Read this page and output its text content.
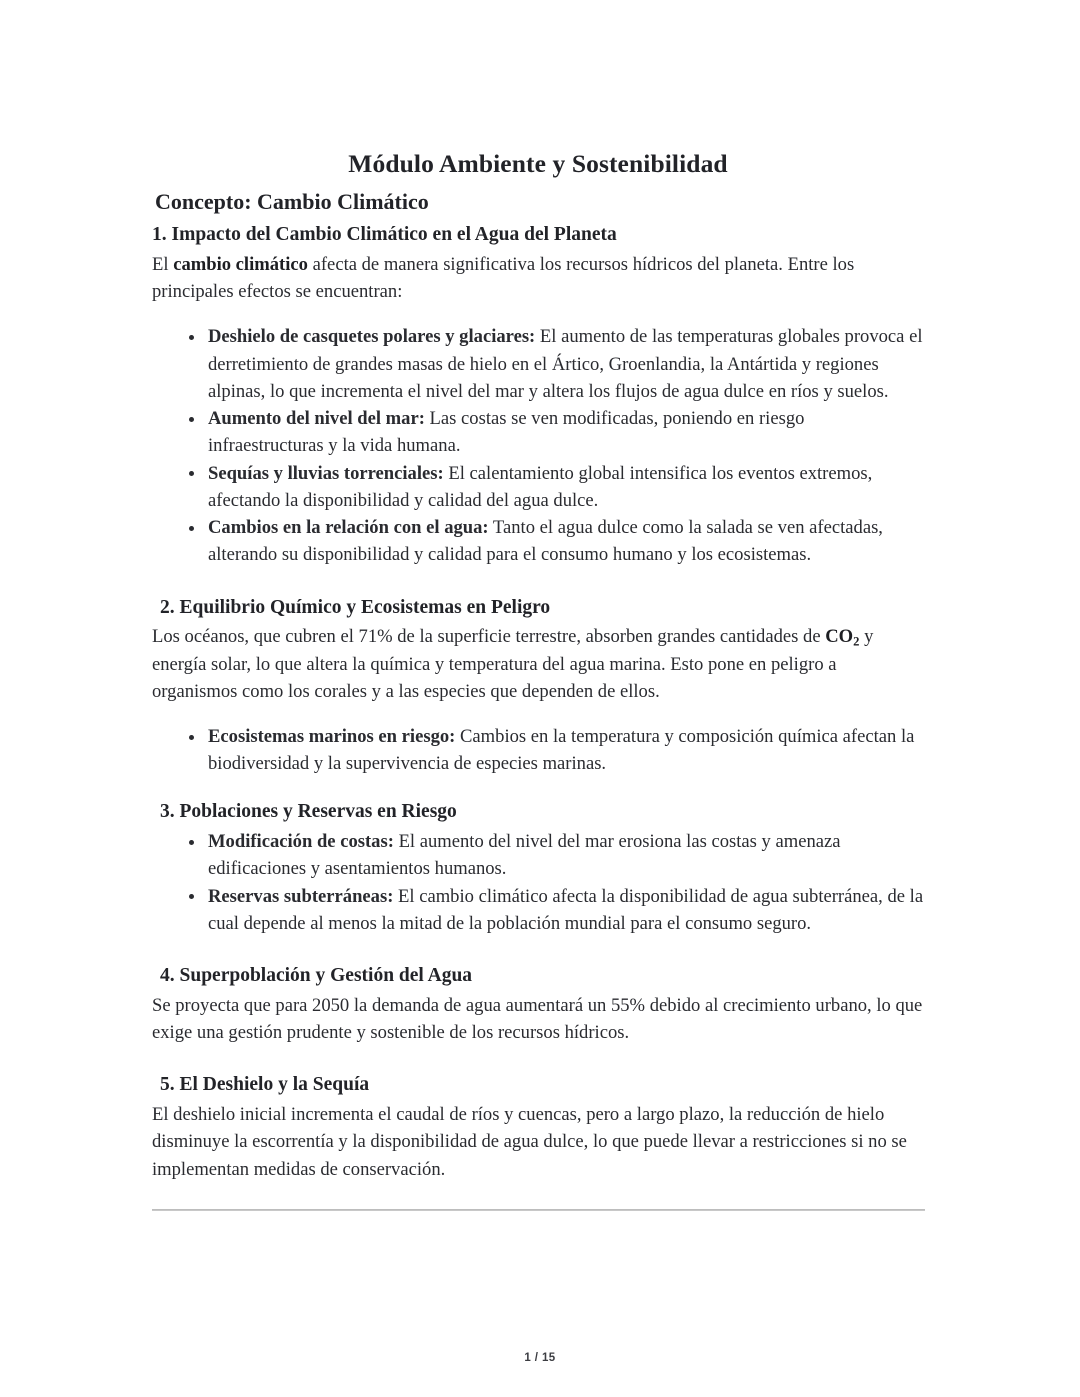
Módulo Ambiente y Sostenibilidad
Concepto: Cambio Climático
1. Impacto del Cambio Climático en el Agua del Planeta

El cambio climático afecta de manera significativa los recursos hídricos del planeta. Entre los principales efectos se encuentran:

Deshielo de casquetes polares y glaciares: El aumento de las temperaturas globales provoca el derretimiento de grandes masas de hielo en el Ártico, Groenlandia, la Antártida y regiones alpinas, lo que incrementa el nivel del mar y altera los flujos de agua dulce en ríos y suelos.
Aumento del nivel del mar: Las costas se ven modificadas, poniendo en riesgo infraestructuras y la vida humana.
Sequías y lluvias torrenciales: El calentamiento global intensifica los eventos extremos, afectando la disponibilidad y calidad del agua dulce.
Cambios en la relación con el agua: Tanto el agua dulce como la salada se ven afectadas, alterando su disponibilidad y calidad para el consumo humano y los ecosistemas.
2. Equilibrio Químico y Ecosistemas en Peligro

Los océanos, que cubren el 71% de la superficie terrestre, absorben grandes cantidades de $CO_2$ y energía solar, lo que altera la química y temperatura del agua marina. Esto pone en peligro a organismos como los corales y a las especies que dependen de ellos.

Ecosistemas marinos en riesgo: Cambios en la temperatura y composición química afectan la biodiversidad y la supervivencia de especies marinas.
3. Poblaciones y Reservas en Riesgo
Modificación de costas: El aumento del nivel del mar erosiona las costas y amenaza edificaciones y asentamientos humanos.
Reservas subterráneas: El cambio climático afecta la disponibilidad de agua subterránea, de la cual depende al menos la mitad de la población mundial para el consumo seguro.
4. Superpoblación y Gestión del Agua

Se proyecta que para 2050 la demanda de agua aumentará un 55% debido al crecimiento urbano, lo que exige una gestión prudente y sostenible de los recursos hídricos.

5. El Deshielo y la Sequía

El deshielo inicial incrementa el caudal de ríos y cuencas, pero a largo plazo, la reducción de hielo disminuye la escorrentía y la disponibilidad de agua dulce, lo que puede llevar a restricciones si no se implementan medidas de conservación.

1 / 15
